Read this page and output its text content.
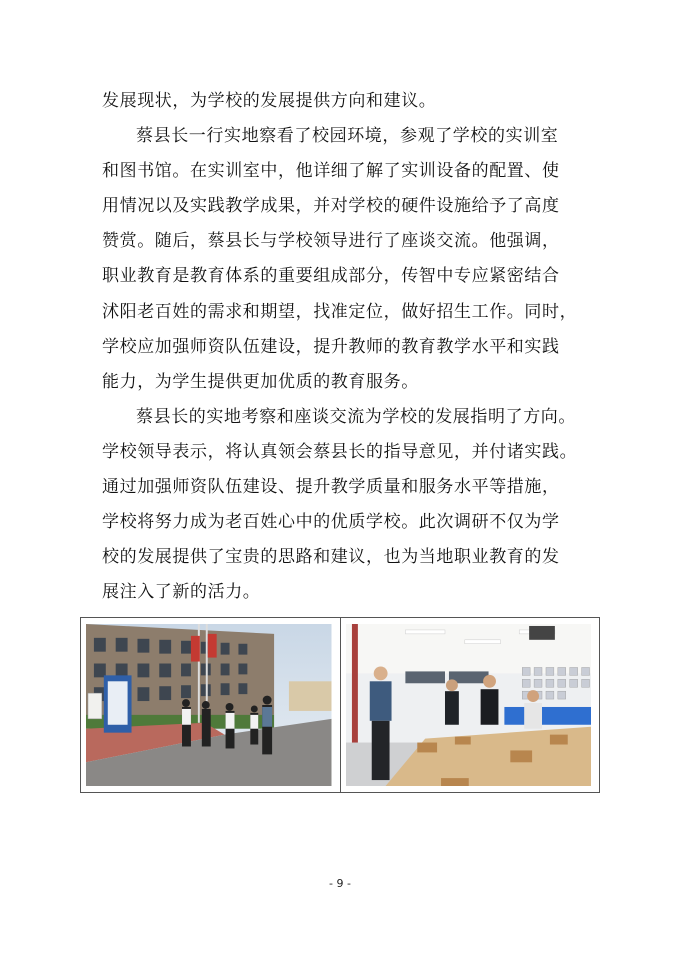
发展现状，为学校的发展提供方向和建议。
蔡县长一行实地察看了校园环境，参观了学校的实训室
和图书馆。在实训室中，他详细了解了实训设备的配置、使
用情况以及实践教学成果，并对学校的硬件设施给予了高度
赞赏。随后，蔡县长与学校领导进行了座谈交流。他强调，
职业教育是教育体系的重要组成部分，传智中专应紧密结合
沭阳老百姓的需求和期望，找准定位，做好招生工作。同时，
学校应加强师资队伍建设，提升教师的教育教学水平和实践
能力，为学生提供更加优质的教育服务。
蔡县长的实地考察和座谈交流为学校的发展指明了方向。
学校领导表示，将认真领会蔡县长的指导意见，并付诸实践。
通过加强师资队伍建设、提升教学质量和服务水平等措施，
学校将努力成为老百姓心中的优质学校。此次调研不仅为学
校的发展提供了宝贵的思路和建议，也为当地职业教育的发
展注入了新的活力。
- 9 -
